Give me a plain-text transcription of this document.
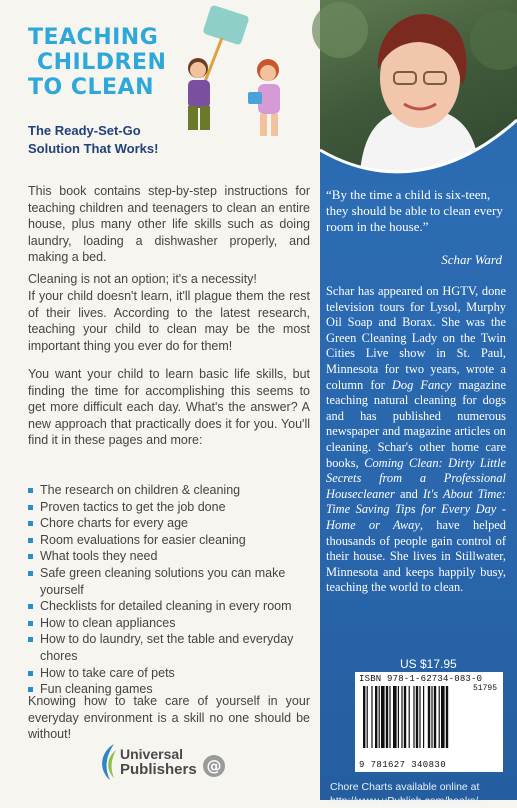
TEACHING
CHILDREN
TO CLEAN
The Ready-Set-Go
Solution That Works!

This book contains step-by-step instructions for teaching children and teenagers to clean an entire house, plus many other life skills such as doing laundry, loading a dishwasher properly, and making a bed.

Cleaning is not an option; it's a necessity!

If your child doesn't learn, it'll plague them the rest of their lives. According to the latest research, teaching your child to clean may be the most important thing you ever do for them!

You want your child to learn basic life skills, but finding the time for accomplishing this seems to get more difficult each day. What's the answer? A new approach that practically does it for you. You'll find it in these pages and more:

The research on children & cleaning
Proven tactics to get the job done
Chore charts for every age
Room evaluations for easier cleaning
What tools they need
Safe green cleaning solutions you can make yourself
Checklists for detailed cleaning in every room
How to clean appliances
How to do laundry, set the table and everyday chores
How to take care of pets
Fun cleaning games

Knowing how to take care of yourself in your everyday environment is a skill no one should be without!

Universal
Publishers @

“By the time a child is six-teen, they should be able to clean every room in the house.”

Schar Ward

Schar has appeared on HGTV, done television tours for Lysol, Murphy Oil Soap and Borax. She was the Green Cleaning Lady on the Twin Cities Live show in St. Paul, Minnesota for two years, wrote a column for Dog Fancy magazine teaching natural cleaning for dogs and has published numerous newspaper and magazine articles on cleaning. Schar's other home care books, Coming Clean: Dirty Little Secrets from a Professional Housecleaner and It's About Time: Time Saving Tips for Every Day - Home or Away, have helped thousands of people gain control of their house. She lives in Stillwater, Minnesota and keeps happily busy, teaching the world to clean.

US $17.95
ISBN 978-1-62734-083-0
9 781627 340830
51795
Chore Charts available online at
http://www.uPublish.com/books/...
